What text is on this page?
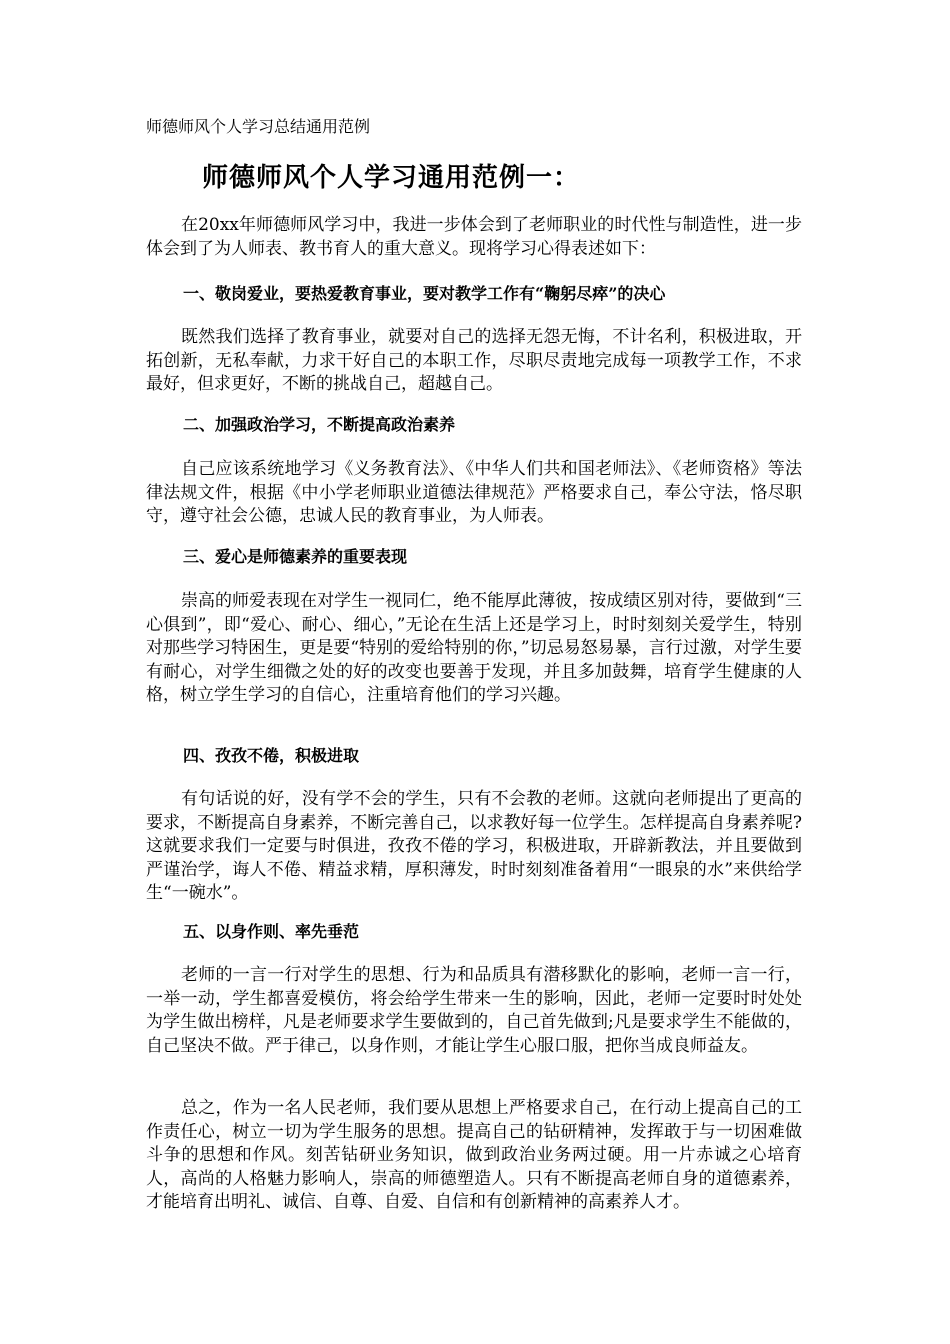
师德师风个人学习总结通用范例
师德师风个人学习通用范例一：

在20xx年师德师风学习中，我进一步体会到了老师职业的时代性与制造性，进一步体会到了为人师表、教书育人的重大意义。现将学习心得表述如下：

一、敬岗爱业，要热爱教育事业，要对教学工作有“鞠躬尽瘁”的决心

既然我们选择了教育事业，就要对自己的选择无怨无悔，不计名利，积极进取，开拓创新，无私奉献，力求干好自己的本职工作，尽职尽责地完成每一项教学工作，不求最好，但求更好，不断的挑战自己，超越自己。

二、加强政治学习，不断提高政治素养

自己应该系统地学习《义务教育法》、《中华人们共和国老师法》、《老师资格》等法律法规文件，根据《中小学老师职业道德法律规范》严格要求自己，奉公守法，恪尽职守，遵守社会公德，忠诚人民的教育事业，为人师表。

三、爱心是师德素养的重要表现

崇高的师爱表现在对学生一视同仁，绝不能厚此薄彼，按成绩区别对待，要做到“三心俱到”，即“爱心、耐心、细心，”无论在生活上还是学习上，时时刻刻关爱学生，特别对那些学习特困生，更是要“特别的爱给特别的你，”切忌易怒易暴，言行过激，对学生要有耐心，对学生细微之处的好的改变也要善于发现，并且多加鼓舞，培育学生健康的人格，树立学生学习的自信心，注重培育他们的学习兴趣。

四、孜孜不倦，积极进取

有句话说的好，没有学不会的学生，只有不会教的老师。这就向老师提出了更高的要求，不断提高自身素养，不断完善自己，以求教好每一位学生。怎样提高自身素养呢?这就要求我们一定要与时俱进，孜孜不倦的学习，积极进取，开辟新教法，并且要做到严谨治学，诲人不倦、精益求精，厚积薄发，时时刻刻准备着用“一眼泉的水”来供给学生“一碗水”。

五、以身作则、率先垂范

老师的一言一行对学生的思想、行为和品质具有潜移默化的影响，老师一言一行，一举一动，学生都喜爱模仿，将会给学生带来一生的影响，因此，老师一定要时时处处为学生做出榜样，凡是老师要求学生要做到的，自己首先做到;凡是要求学生不能做的，自己坚决不做。严于律己，以身作则，才能让学生心服口服，把你当成良师益友。

总之，作为一名人民老师，我们要从思想上严格要求自己，在行动上提高自己的工作责任心，树立一切为学生服务的思想。提高自己的钻研精神，发挥敢于与一切困难做斗争的思想和作风。刻苦钻研业务知识，做到政治业务两过硬。用一片赤诚之心培育人，高尚的人格魅力影响人，崇高的师德塑造人。只有不断提高老师自身的道德素养，才能培育出明礼、诚信、自尊、自爱、自信和有创新精神的高素养人才。
